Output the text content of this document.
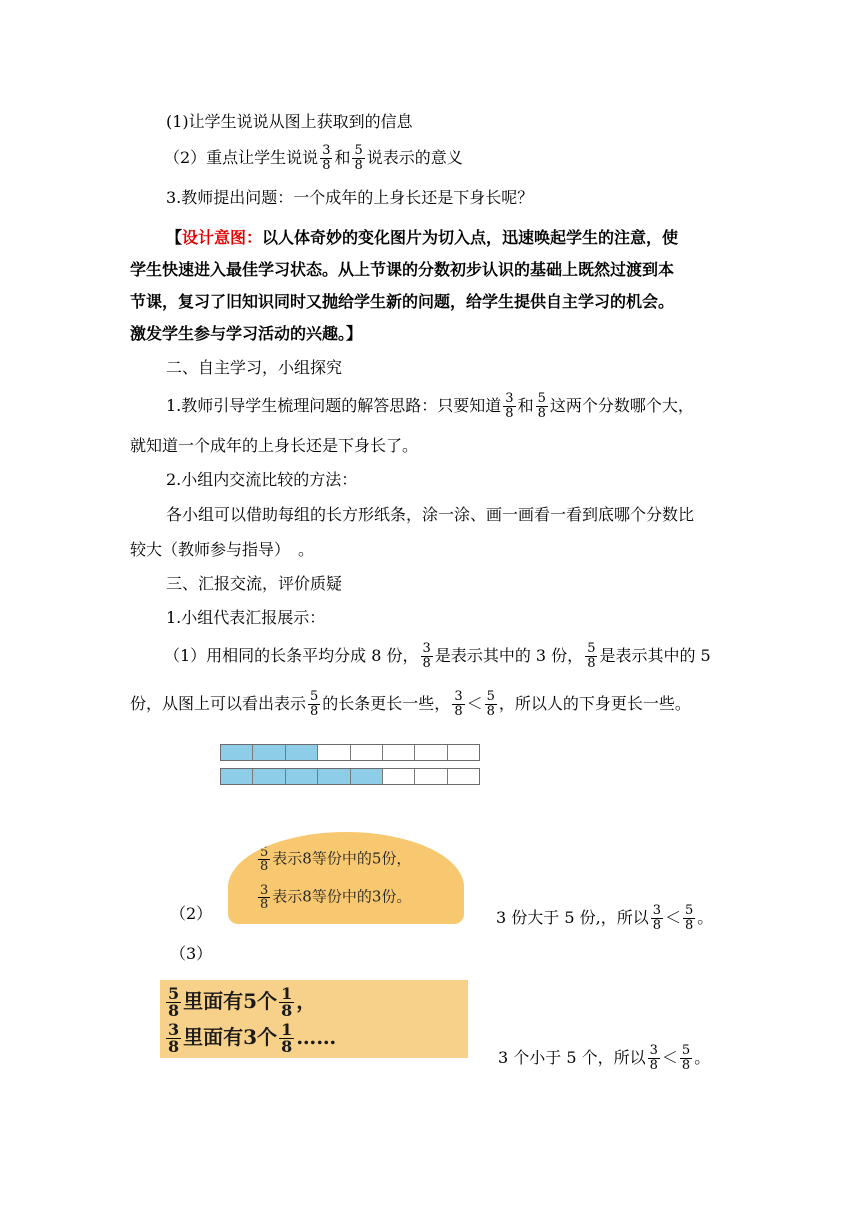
(1)让学生说说从图上获取到的信息
（2）重点让学生说说 $\frac{3}{8}$ 和 $\frac{5}{8}$ 说表示的意义
3.教师提出问题：一个成年的上身长还是下身长呢？
【设计意图：以人体奇妙的变化图片为切入点，迅速唤起学生的注意，使
学生快速进入最佳学习状态。从上节课的分数初步认识的基础上既然过渡到本
节课，复习了旧知识同时又抛给学生新的问题，给学生提供自主学习的机会。
激发学生参与学习活动的兴趣。】
二、自主学习，小组探究
1.教师引导学生梳理问题的解答思路：只要知道 $\frac{3}{8}$ 和 $\frac{5}{8}$ 这两个分数哪个大，
就知道一个成年的上身长还是下身长了。
2.小组内交流比较的方法：
各小组可以借助每组的长方形纸条，涂一涂、画一画看一看到底哪个分数比
较大（教师参与指导）　。
三、汇报交流，评价质疑
1.小组代表汇报展示：
（1）用相同的长条平均分成 8 份， $\frac{3}{8}$ 是表示其中的 3 份， $\frac{5}{8}$ 是表示其中的 5
份，从图上可以看出表示 $\frac{5}{8}$ 的长条更长一些， $\frac{3}{8} < \frac{5}{8}$ ，所以人的下身更长一些。
（2）
$\frac{5}{8}$ 表示8等份中的5份，
$\frac{3}{8}$ 表示8等份中的3份。
3 份大于 5 份,，所以 $\frac{3}{8} < \frac{5}{8}$ 。
（3）
$\frac{5}{8}$ 里面有5个 $\frac{1}{8}$ ，
$\frac{3}{8}$ 里面有3个 $\frac{1}{8}$ ……
3 个小于 5 个，所以 $\frac{3}{8} < \frac{5}{8}$ 。
